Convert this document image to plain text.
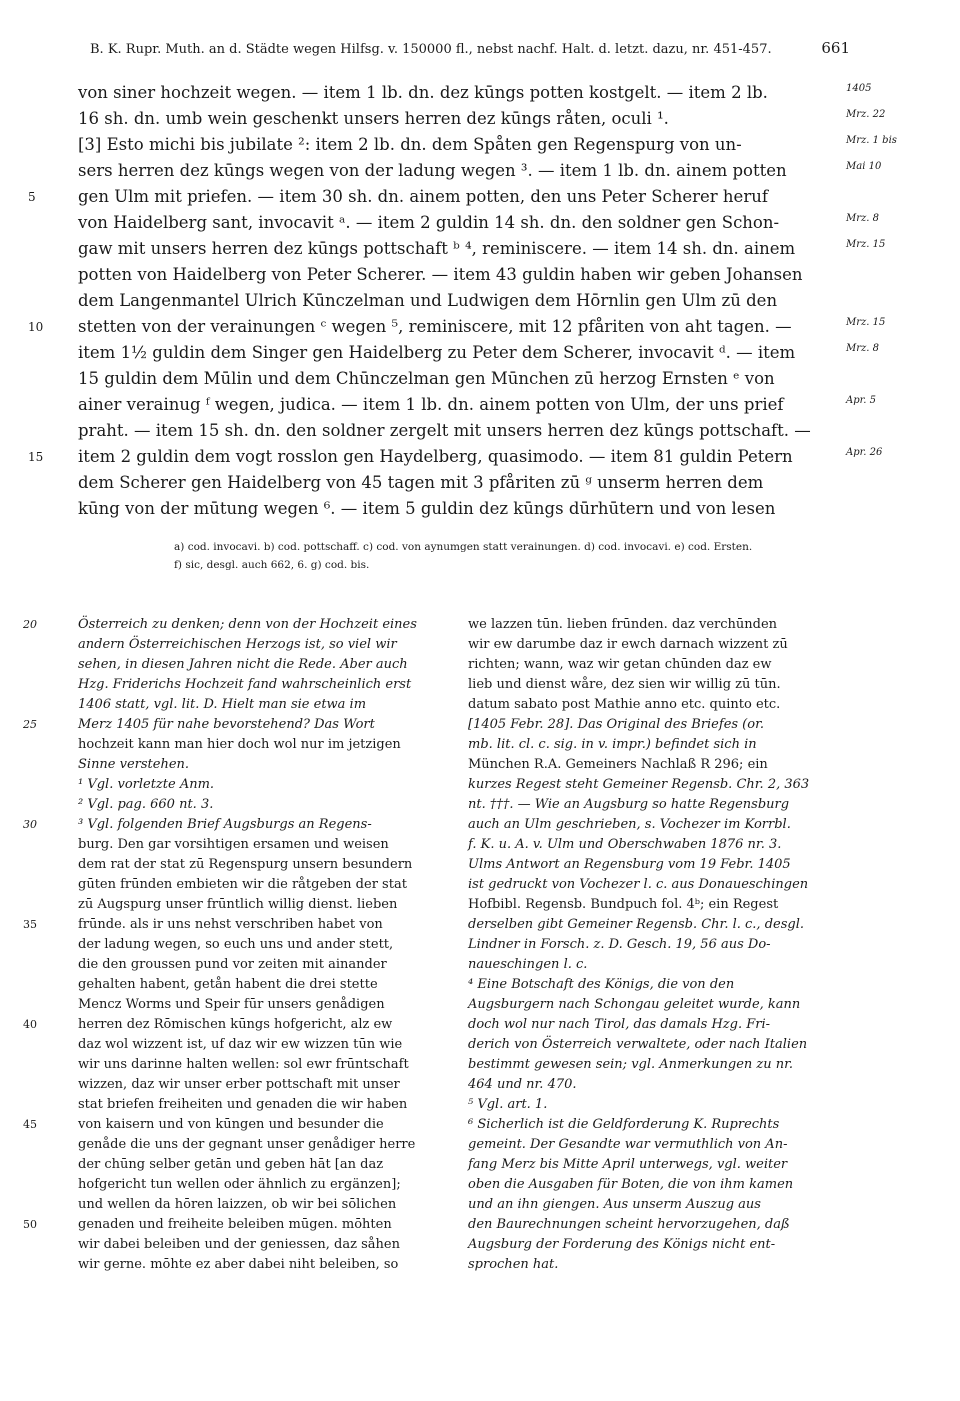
B. K. Rupr. Muth. an d. Städte wegen Hilfsg. v. 150000 fl., nebst nachf. Halt. d. letzt. dazu, nr. 451-457.	661
von siner hochzeit wegen. — item 1 lb. dn. dez kūngs potten kostgelt. — item 2 lb.	1405
16 sh. dn. umb wein geschenkt unsers herren dez kūngs råten, oculi ¹.	Mrz. 22
[3] Esto michi bis jubilate ²: item 2 lb. dn. dem Spåten gen Regenspurg von un-	Mrz. 1 bis
sers herren dez kūngs wegen von der ladung wegen ³. — item 1 lb. dn. ainem potten	Mai 10
5	gen Ulm mit priefen. — item 30 sh. dn. ainem potten, den uns Peter Scherer heruf
von Haidelberg sant, invocavit ᵃ. — item 2 guldin 14 sh. dn. den soldner gen Schon-	Mrz. 8
gaw mit unsers herren dez kūngs pottschaft ᵇ ⁴, reminiscere. — item 14 sh. dn. ainem	Mrz. 15
potten von Haidelberg von Peter Scherer. — item 43 guldin haben wir geben Johansen
dem Langenmantel Ulrich Kūnczelman und Ludwigen dem Hōrnlin gen Ulm zū den
10	stetten von der verainungen ᶜ wegen ⁵, reminiscere, mit 12 pfåriten von aht tagen. —	Mrz. 15
item 1½ guldin dem Singer gen Haidelberg zu Peter dem Scherer, invocavit ᵈ. — item	Mrz. 8
15 guldin dem Mūlin und dem Chūnczelman gen Mūnchen zū herzog Ernsten ᵉ von
ainer verainug ᶠ wegen, judica. — item 1 lb. dn. ainem potten von Ulm, der uns prief	Apr. 5
praht. — item 15 sh. dn. den soldner zergelt mit unsers herren dez kūngs pottschaft. —
15	item 2 guldin dem vogt rosslon gen Haydelberg, quasimodo. — item 81 guldin Petern	Apr. 26
dem Scherer gen Haidelberg von 45 tagen mit 3 pfåriten zū ᵍ unserm herren dem
kūng von der mūtung wegen ⁶. — item 5 guldin dez kūngs dūrhūtern und von lesen
a) cod. invocavi. b) cod. pottschaff. c) cod. von aynumgen statt verainungen. d) cod. invocavi. e) cod. Ersten.
f) sic, desgl. auch 662, 6. g) cod. bis.
20	Österreich zu denken; denn von der Hochzeit eines
andern Österreichischen Herzogs ist, so viel wir
sehen, in diesen Jahren nicht die Rede. Aber auch
Hzg. Friderichs Hochzeit fand wahrscheinlich erst
1406 statt, vgl. lit. D. Hielt man sie etwa im
25	Merz 1405 für nahe bevorstehend? Das Wort
hochzeit kann man hier doch wol nur im jetzigen
Sinne verstehen.
¹ Vgl. vorletzte Anm.
² Vgl. pag. 660 nt. 3.
30	³ Vgl. folgenden Brief Augsburgs an Regens-
burg. Den gar vorsihtigen ersamen und weisen
dem rat der stat zū Regenspurg unsern besundern
gūten frūnden embieten wir die råtgeben der stat
zū Augspurg unser frūntlich willig dienst. lieben
35	frūnde. als ir uns nehst verschriben habet von
der ladung wegen, so euch uns und ander stett,
die den groussen pund vor zeiten mit ainander
gehalten habent, getån habent die drei stette
Mencz Worms und Speir fūr unsers genådigen
40	herren dez Rōmischen kūngs hofgericht, alz ew
daz wol wizzent ist, uf daz wir ew wizzen tūn wie
wir uns darinne halten wellen: sol ewr frūntschaft
wizzen, daz wir unser erber pottschaft mit unser
stat briefen freiheiten und genaden die wir haben
45	von kaisern und von kūngen und besunder die
genåde die uns der gegnant unser genådiger herre
der chūng selber getān und geben hāt [an daz
hofgericht tun wellen oder ähnlich zu ergänzen];
und wellen da hōren laizzen, ob wir bei sōlichen
50	genaden und freiheite beleiben mūgen. mōhten
wir dabei beleiben und der geniessen, daz såhen
wir gerne. mōhte ez aber dabei niht beleiben, so
we lazzen tūn. lieben frūnden. daz verchūnden
wir ew darumbe daz ir ewch darnach wizzent zū
richten; wann, waz wir getan chūnden daz ew
lieb und dienst wåre, dez sien wir willig zū tūn.
datum sabato post Mathie anno etc. quinto etc.
[1405 Febr. 28]. Das Original des Briefes (or.
mb. lit. cl. c. sig. in v. impr.) befindet sich in
München R.A. Gemeiners Nachlaß R 296; ein
kurzes Regest steht Gemeiner Regensb. Chr. 2, 363
nt. †††. — Wie an Augsburg so hatte Regensburg
auch an Ulm geschrieben, s. Vochezer im Korrbl.
f. K. u. A. v. Ulm und Oberschwaben 1876 nr. 3.
Ulms Antwort an Regensburg vom 19 Febr. 1405
ist gedruckt von Vochezer l. c. aus Donaueschingen
Hofbibl. Regensb. Bundpuch fol. 4ᵇ; ein Regest
derselben gibt Gemeiner Regensb. Chr. l. c., desgl.
Lindner in Forsch. z. D. Gesch. 19, 56 aus Do-
naueschingen l. c.
⁴ Eine Botschaft des Königs, die von den
Augsburgern nach Schongau geleitet wurde, kann
doch wol nur nach Tirol, das damals Hzg. Fri-
derich von Österreich verwaltete, oder nach Italien
bestimmt gewesen sein; vgl. Anmerkungen zu nr.
464 und nr. 470.
⁵ Vgl. art. 1.
⁶ Sicherlich ist die Geldforderung K. Ruprechts
gemeint. Der Gesandte war vermuthlich von An-
fang Merz bis Mitte April unterwegs, vgl. weiter
oben die Ausgaben für Boten, die von ihm kamen
und an ihn giengen. Aus unserm Auszug aus
den Baurechnungen scheint hervorzugehen, daß
Augsburg der Forderung des Königs nicht ent-
sprochen hat.
